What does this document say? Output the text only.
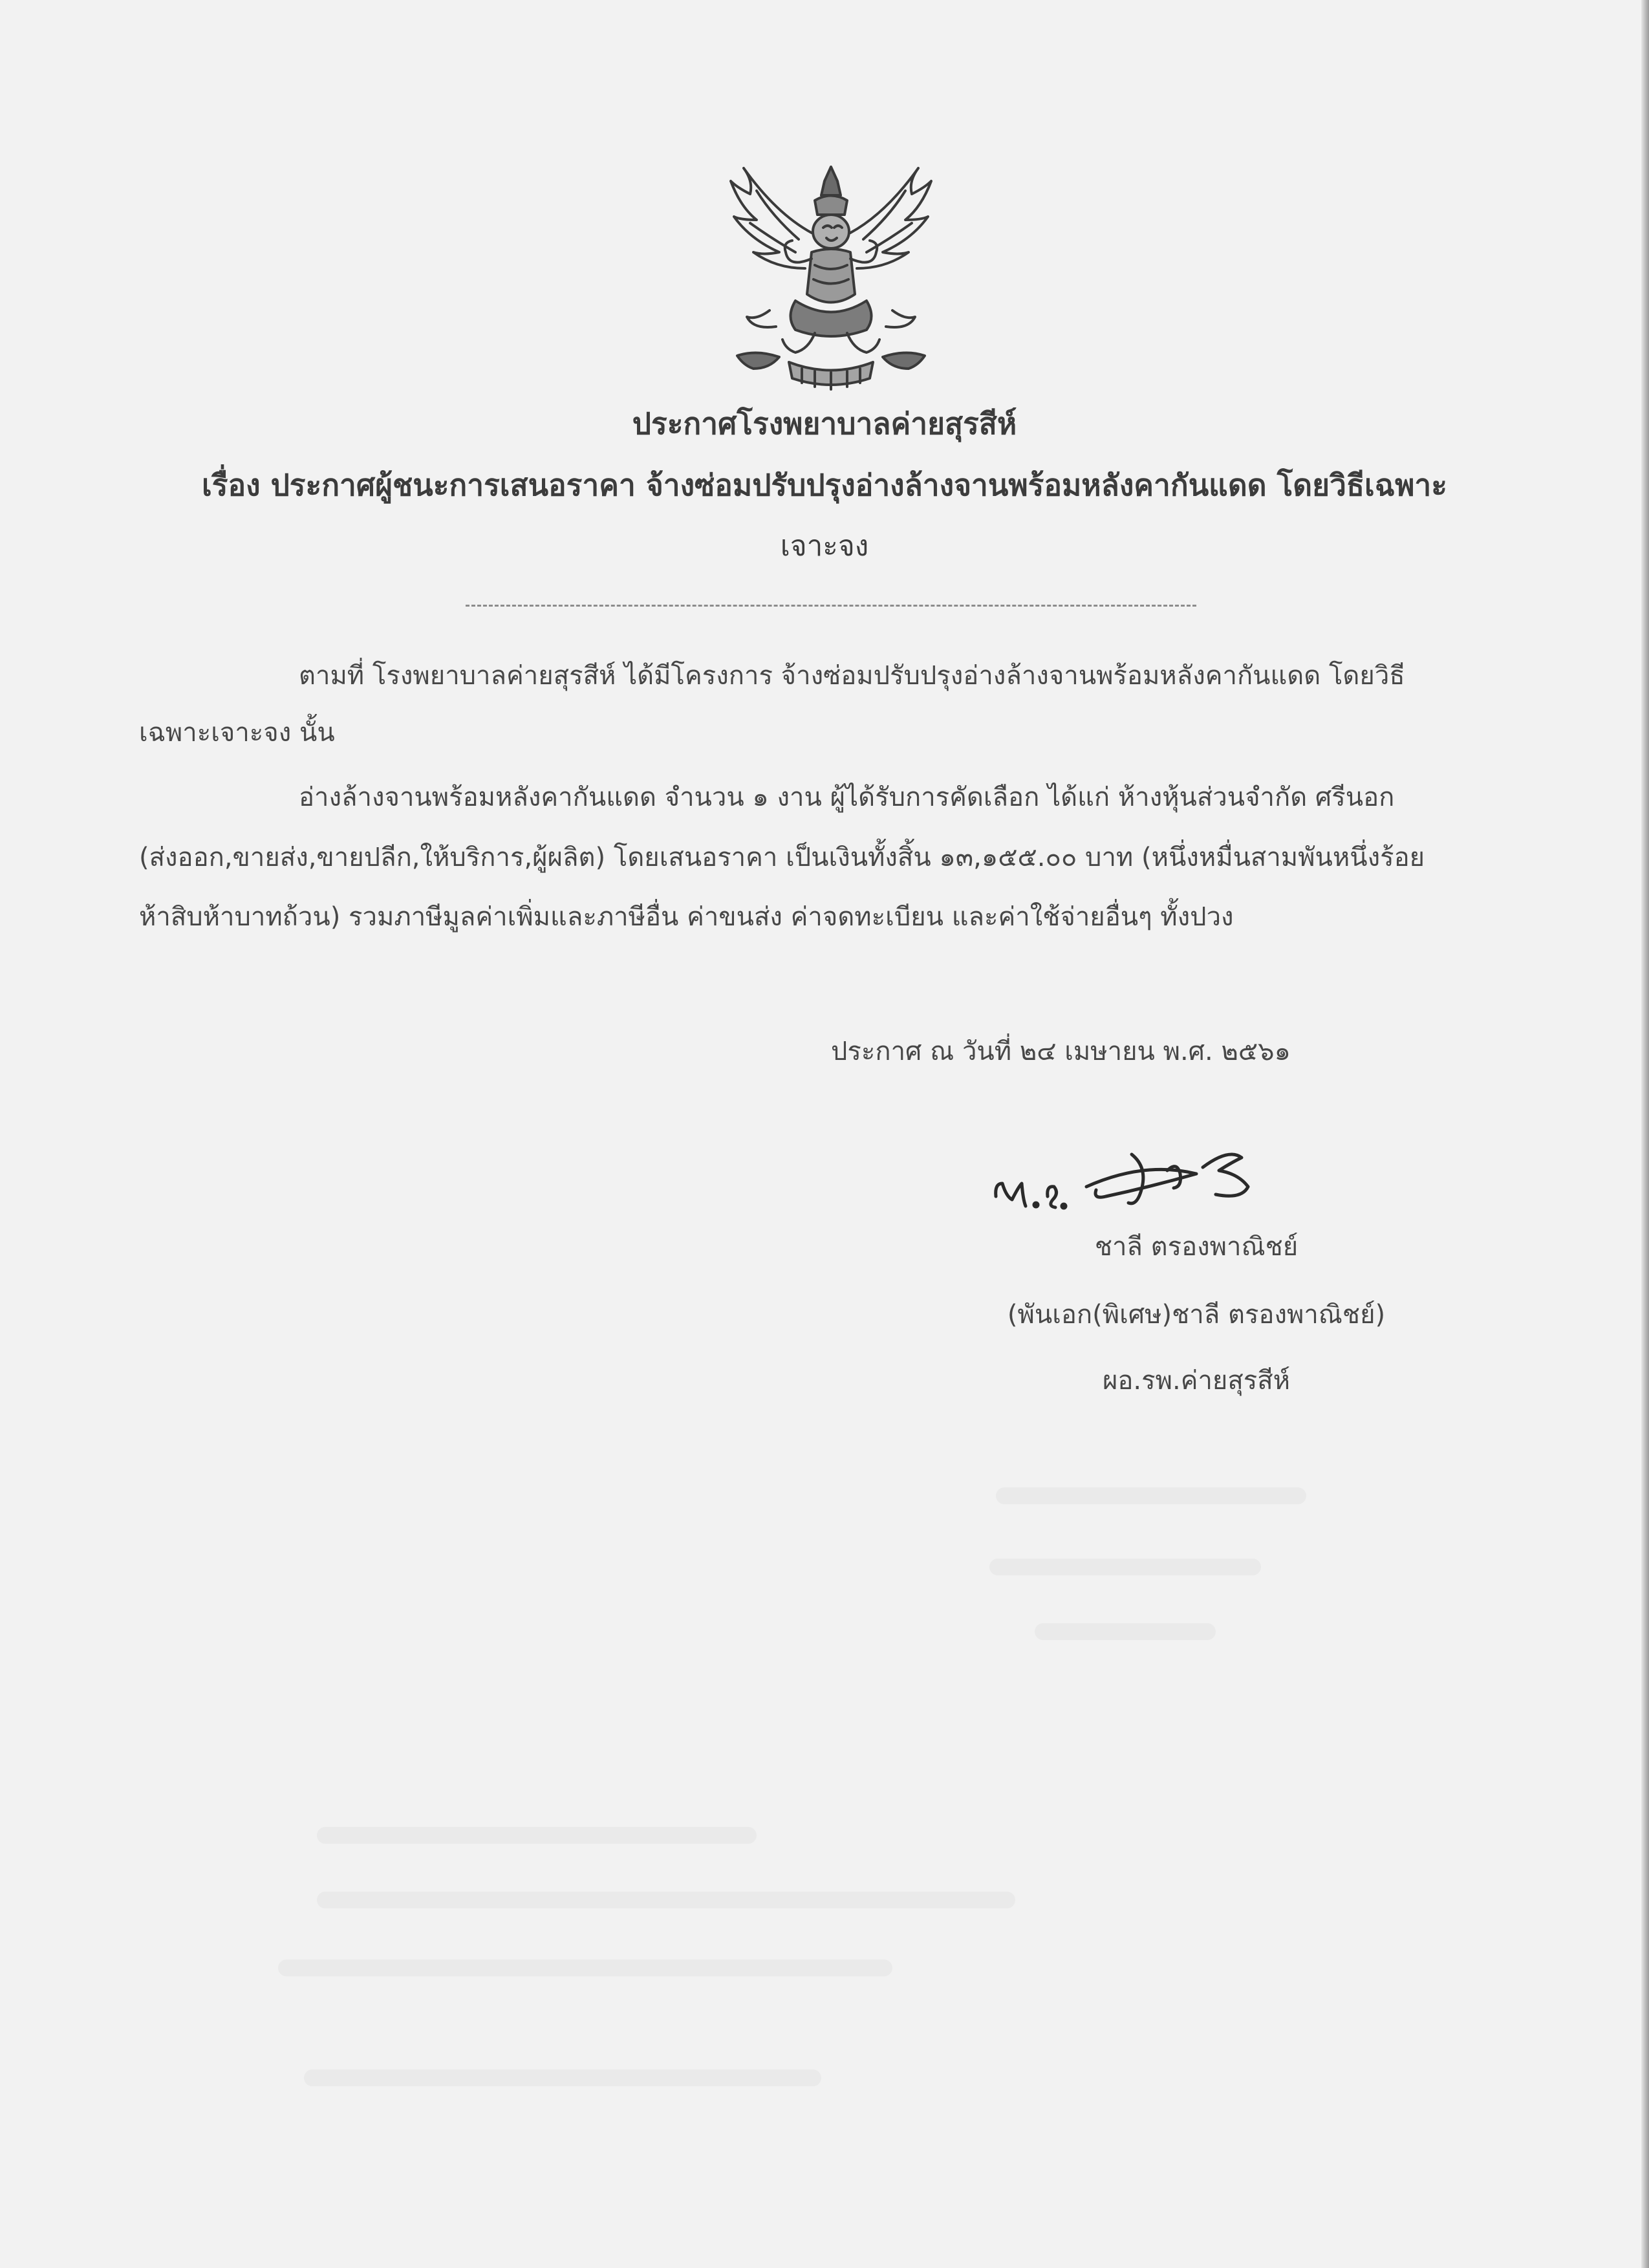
ประกาศโรงพยาบาลค่ายสุรสีห์
เรื่อง ประกาศผู้ชนะการเสนอราคา จ้างซ่อมปรับปรุงอ่างล้างจานพร้อมหลังคากันแดด โดยวิธีเฉพาะ
เจาะจง
ตามที่ โรงพยาบาลค่ายสุรสีห์ ได้มีโครงการ จ้างซ่อมปรับปรุงอ่างล้างจานพร้อมหลังคากันแดด โดยวิธี
เฉพาะเจาะจง นั้น
อ่างล้างจานพร้อมหลังคากันแดด จำนวน ๑ งาน ผู้ได้รับการคัดเลือก ได้แก่ ห้างหุ้นส่วนจำกัด ศรีนอก
(ส่งออก,ขายส่ง,ขายปลีก,ให้บริการ,ผู้ผลิต) โดยเสนอราคา เป็นเงินทั้งสิ้น ๑๓,๑๕๕.๐๐ บาท (หนึ่งหมื่นสามพันหนึ่งร้อย
ห้าสิบห้าบาทถ้วน) รวมภาษีมูลค่าเพิ่มและภาษีอื่น ค่าขนส่ง ค่าจดทะเบียน และค่าใช้จ่ายอื่นๆ ทั้งปวง
ประกาศ ณ วันที่ ๒๔ เมษายน พ.ศ. ๒๕๖๑
ชาลี ตรองพาณิชย์
(พันเอก(พิเศษ)ชาลี ตรองพาณิชย์)
ผอ.รพ.ค่ายสุรสีห์
